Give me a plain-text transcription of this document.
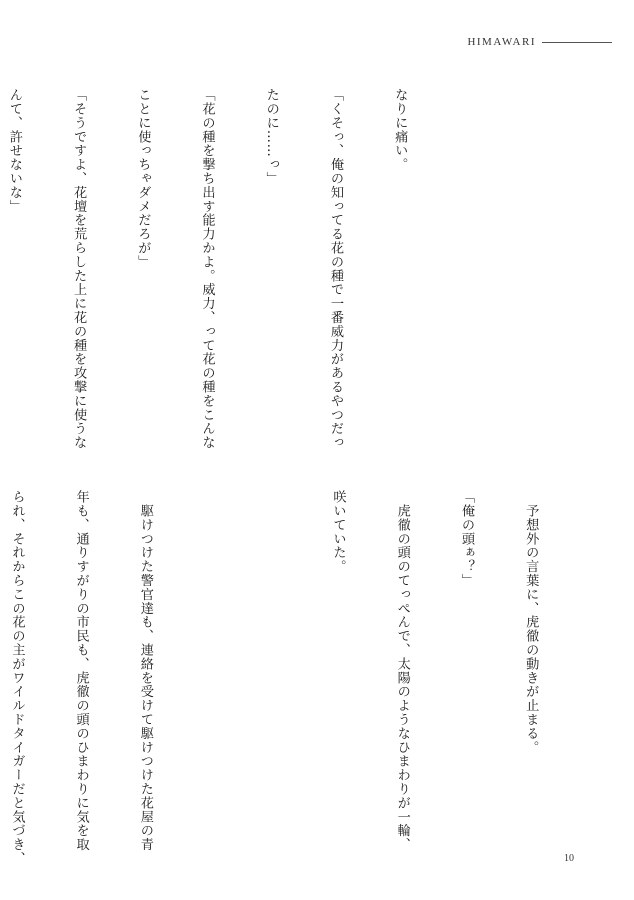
HIMAWARI

なりに痛い。

「くそっ、俺の知ってる花の種で一番威力があるやつだっ

たのに……っ」

「花の種を撃ち出す能力かよ。威力、って花の種をこんな

ことに使っちゃダメだろが」

「そうですよ、花壇を荒らした上に花の種を攻撃に使うな

んて、許せないな」

　予想外の言葉に、虎徹の動きが止まる。

「俺の頭ぁ？」

　虎徹の頭のてっぺんで、太陽のようなひまわりが一輪、

咲いていた。

　駆けつけた警官達も、連絡を受けて駆けつけた花屋の青

年も、通りすがりの市民も、虎徹の頭のひまわりに気を取

られ、それからこの花の主がワイルドタイガーだと気づき、

	10
